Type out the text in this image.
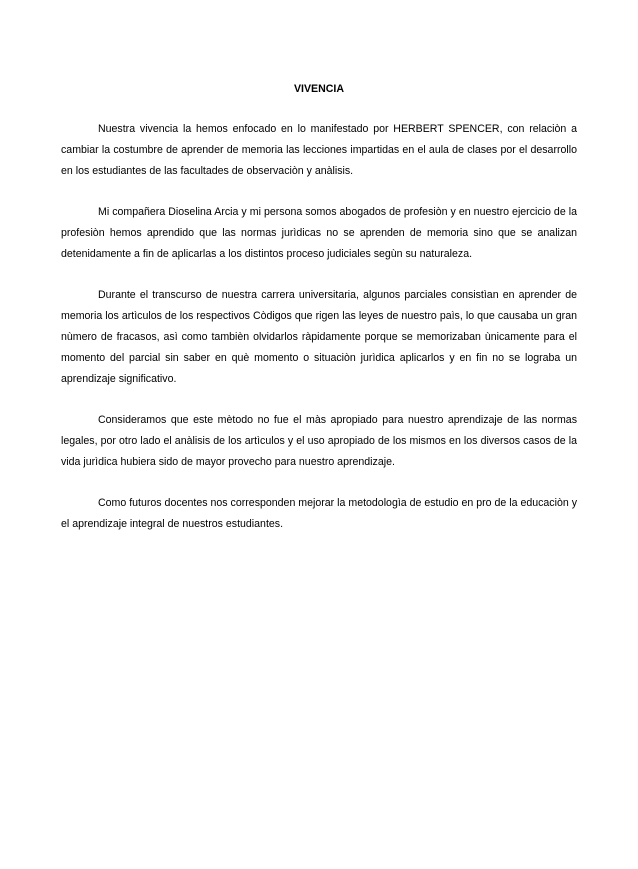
VIVENCIA

Nuestra vivencia la hemos enfocado en lo manifestado por HERBERT SPENCER, con relaciòn a cambiar la costumbre de aprender de memoria las lecciones impartidas en el aula de clases por el desarrollo en los estudiantes de las facultades de observaciòn y anàlisis.

Mi compañera Dioselina Arcia y mi persona somos abogados de profesiòn y en nuestro ejercicio de la profesiòn hemos aprendido que las normas jurìdicas no se aprenden de memoria sino que se analizan detenidamente a fin de aplicarlas a los distintos proceso judiciales segùn su naturaleza.

Durante el transcurso de nuestra carrera universitaria, algunos parciales consistìan en aprender de memoria los artìculos de los respectivos Còdigos que rigen las leyes de nuestro paìs, lo que causaba un gran nùmero de fracasos, asì como tambièn olvidarlos ràpidamente porque se memorizaban ùnicamente para el momento del parcial sin saber en què momento o situaciòn jurìdica aplicarlos y en fin no se lograba un aprendizaje significativo.

Consideramos que este mètodo no fue el màs apropiado para nuestro aprendizaje de las normas legales, por otro lado el anàlisis de los artìculos y el uso apropiado de los mismos en los diversos casos de la vida jurìdica hubiera sido de mayor provecho para nuestro aprendizaje.

Como futuros docentes nos corresponden mejorar la metodologìa de estudio en pro de la educaciòn y el aprendizaje integral de nuestros estudiantes.
